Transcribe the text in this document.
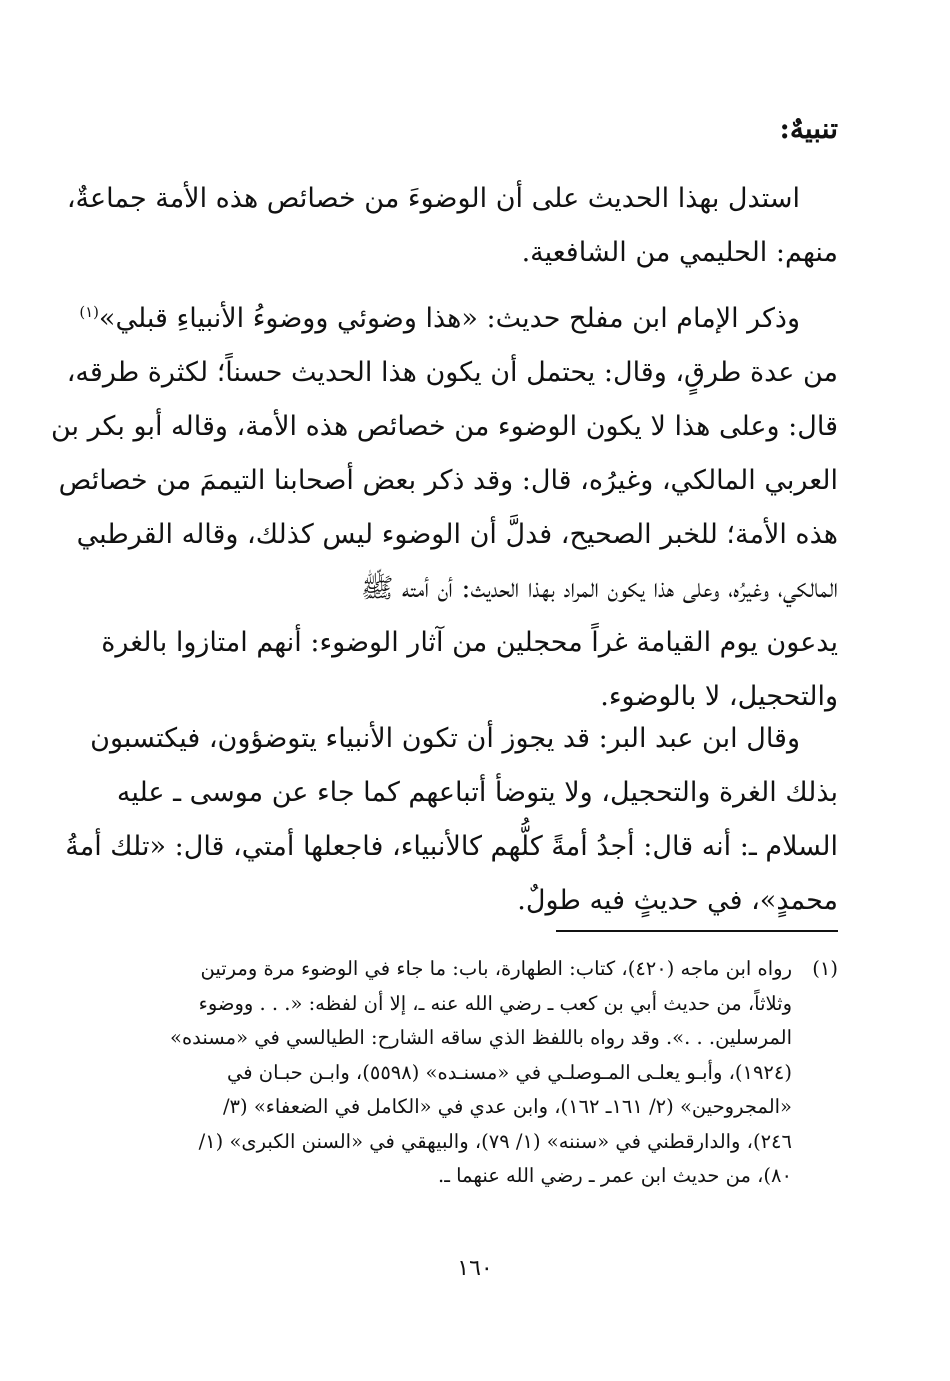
تنبيهٌ:
استدل بهذا الحديث على أن الوضوءَ من خصائص هذه الأمة جماعةٌ،
منهم: الحليمي من الشافعية.
وذكر الإمام ابن مفلح حديث: «هذا وضوئي ووضوءُ الأنبياءِ قبلي»$^{(١)}$
من عدة طرقٍ، وقال: يحتمل أن يكون هذا الحديث حسناً؛ لكثرة طرقه،
قال: وعلى هذا لا يكون الوضوء من خصائص هذه الأمة، وقاله أبو بكر بن
العربي المالكي، وغيرُه، قال: وقد ذكر بعض أصحابنا التيممَ من خصائص
هذه الأمة؛ للخبر الصحيح، فدلَّ أن الوضوء ليس كذلك، وقاله القرطبي
المالكي، وغيرُه، وعلى هذا يكون المراد بهذا الحديث: أن أمته ﷺ
يدعون يوم القيامة غراً محجلين من آثار الوضوء: أنهم امتازوا بالغرة
والتحجيل، لا بالوضوء.
وقال ابن عبد البر: قد يجوز أن تكون الأنبياء يتوضؤون، فيكتسبون
بذلك الغرة والتحجيل، ولا يتوضأ أتباعهم كما جاء عن موسى ـ عليه
السلام ـ: أنه قال: أجدُ أمةً كلُّهم كالأنبياء، فاجعلها أمتي، قال: «تلك أمةُ
محمدٍ»، في حديثٍ فيه طولٌ.
(١)
رواه ابن ماجه (٤٢٠)، كتاب: الطهارة، باب: ما جاء في الوضوء مرة ومرتين
وثلاثاً، من حديث أبي بن كعب ـ رضي الله عنه ـ، إلا أن لفظه: «. . . ووضوء
المرسلين. . .». وقد رواه باللفظ الذي ساقه الشارح: الطيالسي في «مسنده»
(١٩٢٤)، وأبـو يعلـى المـوصلـي في «مسنـده» (٥٥٩٨)، وابـن حبـان في
«المجروحين» (٢/ ١٦١ـ ١٦٢)، وابن عدي في «الكامل في الضعفاء» (٣/
٢٤٦)، والدارقطني في «سننه» (١/ ٧٩)، والبيهقي في «السنن الكبرى» (١/
٨٠)، من حديث ابن عمر ـ رضي الله عنهما ـ.
١٦٠
